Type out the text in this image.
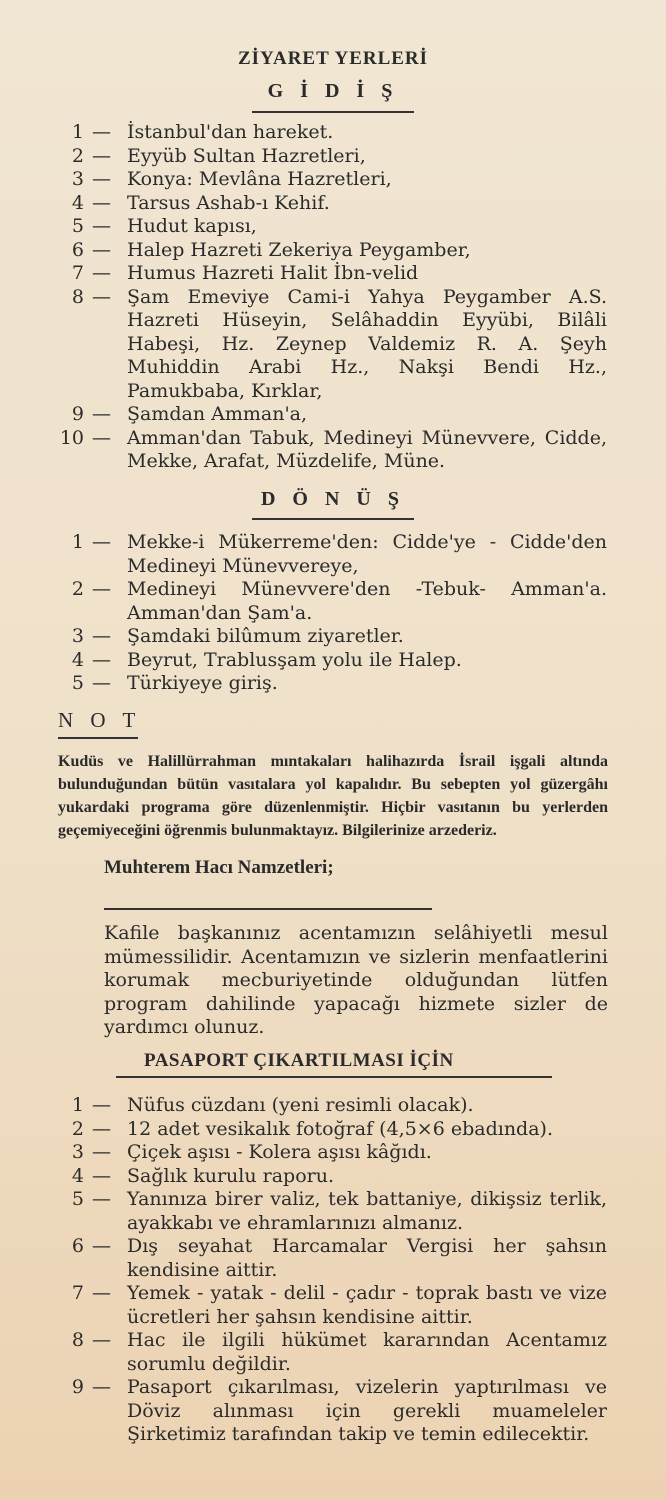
ZİYARET YERLERİ
G İ D İ Ş
1 — İstanbul'dan hareket.
2 — Eyyüb Sultan Hazretleri,
3 — Konya: Mevlâna Hazretleri,
4 — Tarsus Ashab-ı Kehif.
5 — Hudut kapısı,
6 — Halep Hazreti Zekeriya Peygamber,
7 — Humus Hazreti Halit İbn-velid
8 — Şam Emeviye Cami-i Yahya Peygamber A.S. Hazreti Hüseyin, Selâhaddin Eyyübi, Bilâli Habeşi, Hz. Zeynep Valdemiz R. A. Şeyh Muhiddin Arabi Hz., Nakşi Bendi Hz., Pamukbaba, Kırklar,
9 — Şamdan Amman'a,
10 — Amman'dan Tabuk, Medineyi Münevvere, Cidde, Mekke, Arafat, Müzdelife, Müne.
D Ö N Ü Ş
1 — Mekke-i Mükerreme'den: Cidde'ye - Cidde'den Medineyi Münevvereye,
2 — Medineyi Münevvere'den -Tebuk- Amman'a. Amman'dan Şam'a.
3 — Şamdaki bilûmum ziyaretler.
4 — Beyrut, Trablusşam yolu ile Halep.
5 — Türkiyeye giriş.
N O T

Kudüs ve Halillürrahman mıntakaları halihazırda İsrail işgali altında bulunduğundan bütün vasıtalara yol kapalıdır. Bu sebepten yol güzergâhı yukardaki programa göre düzenlenmiştir. Hiçbir vasıtanın bu yerlerden geçemiyeceğini öğrenmis bulunmaktayız. Bilgilerinize arzederiz.

Muhterem Hacı Namzetleri;

Kafile başkanınız acentamızın selâhiyetli mesul mümessilidir. Acentamızın ve sizlerin menfaatlerini korumak mecburiyetinde olduğundan lütfen program dahilinde yapacağı hizmete sizler de yardımcı olunuz.

PASAPORT ÇIKARTILMASI İÇİN
1 — Nüfus cüzdanı (yeni resimli olacak).
2 — 12 adet vesikalık fotoğraf (4,5×6 ebadında).
3 — Çiçek aşısı - Kolera aşısı kâğıdı.
4 — Sağlık kurulu raporu.
5 — Yanınıza birer valiz, tek battaniye, dikişsiz terlik, ayakkabı ve ehramlarınızı almanız.
6 — Dış seyahat Harcamalar Vergisi her şahsın kendisine aittir.
7 — Yemek - yatak - delil - çadır - toprak bastı ve vize ücretleri her şahsın kendisine aittir.
8 — Hac ile ilgili hükümet kararından Acentamız sorumlu değildir.
9 — Pasaport çıkarılması, vizelerin yaptırılması ve Döviz alınması için gerekli muameleler Şirketimiz tarafından takip ve temin edilecektir.
